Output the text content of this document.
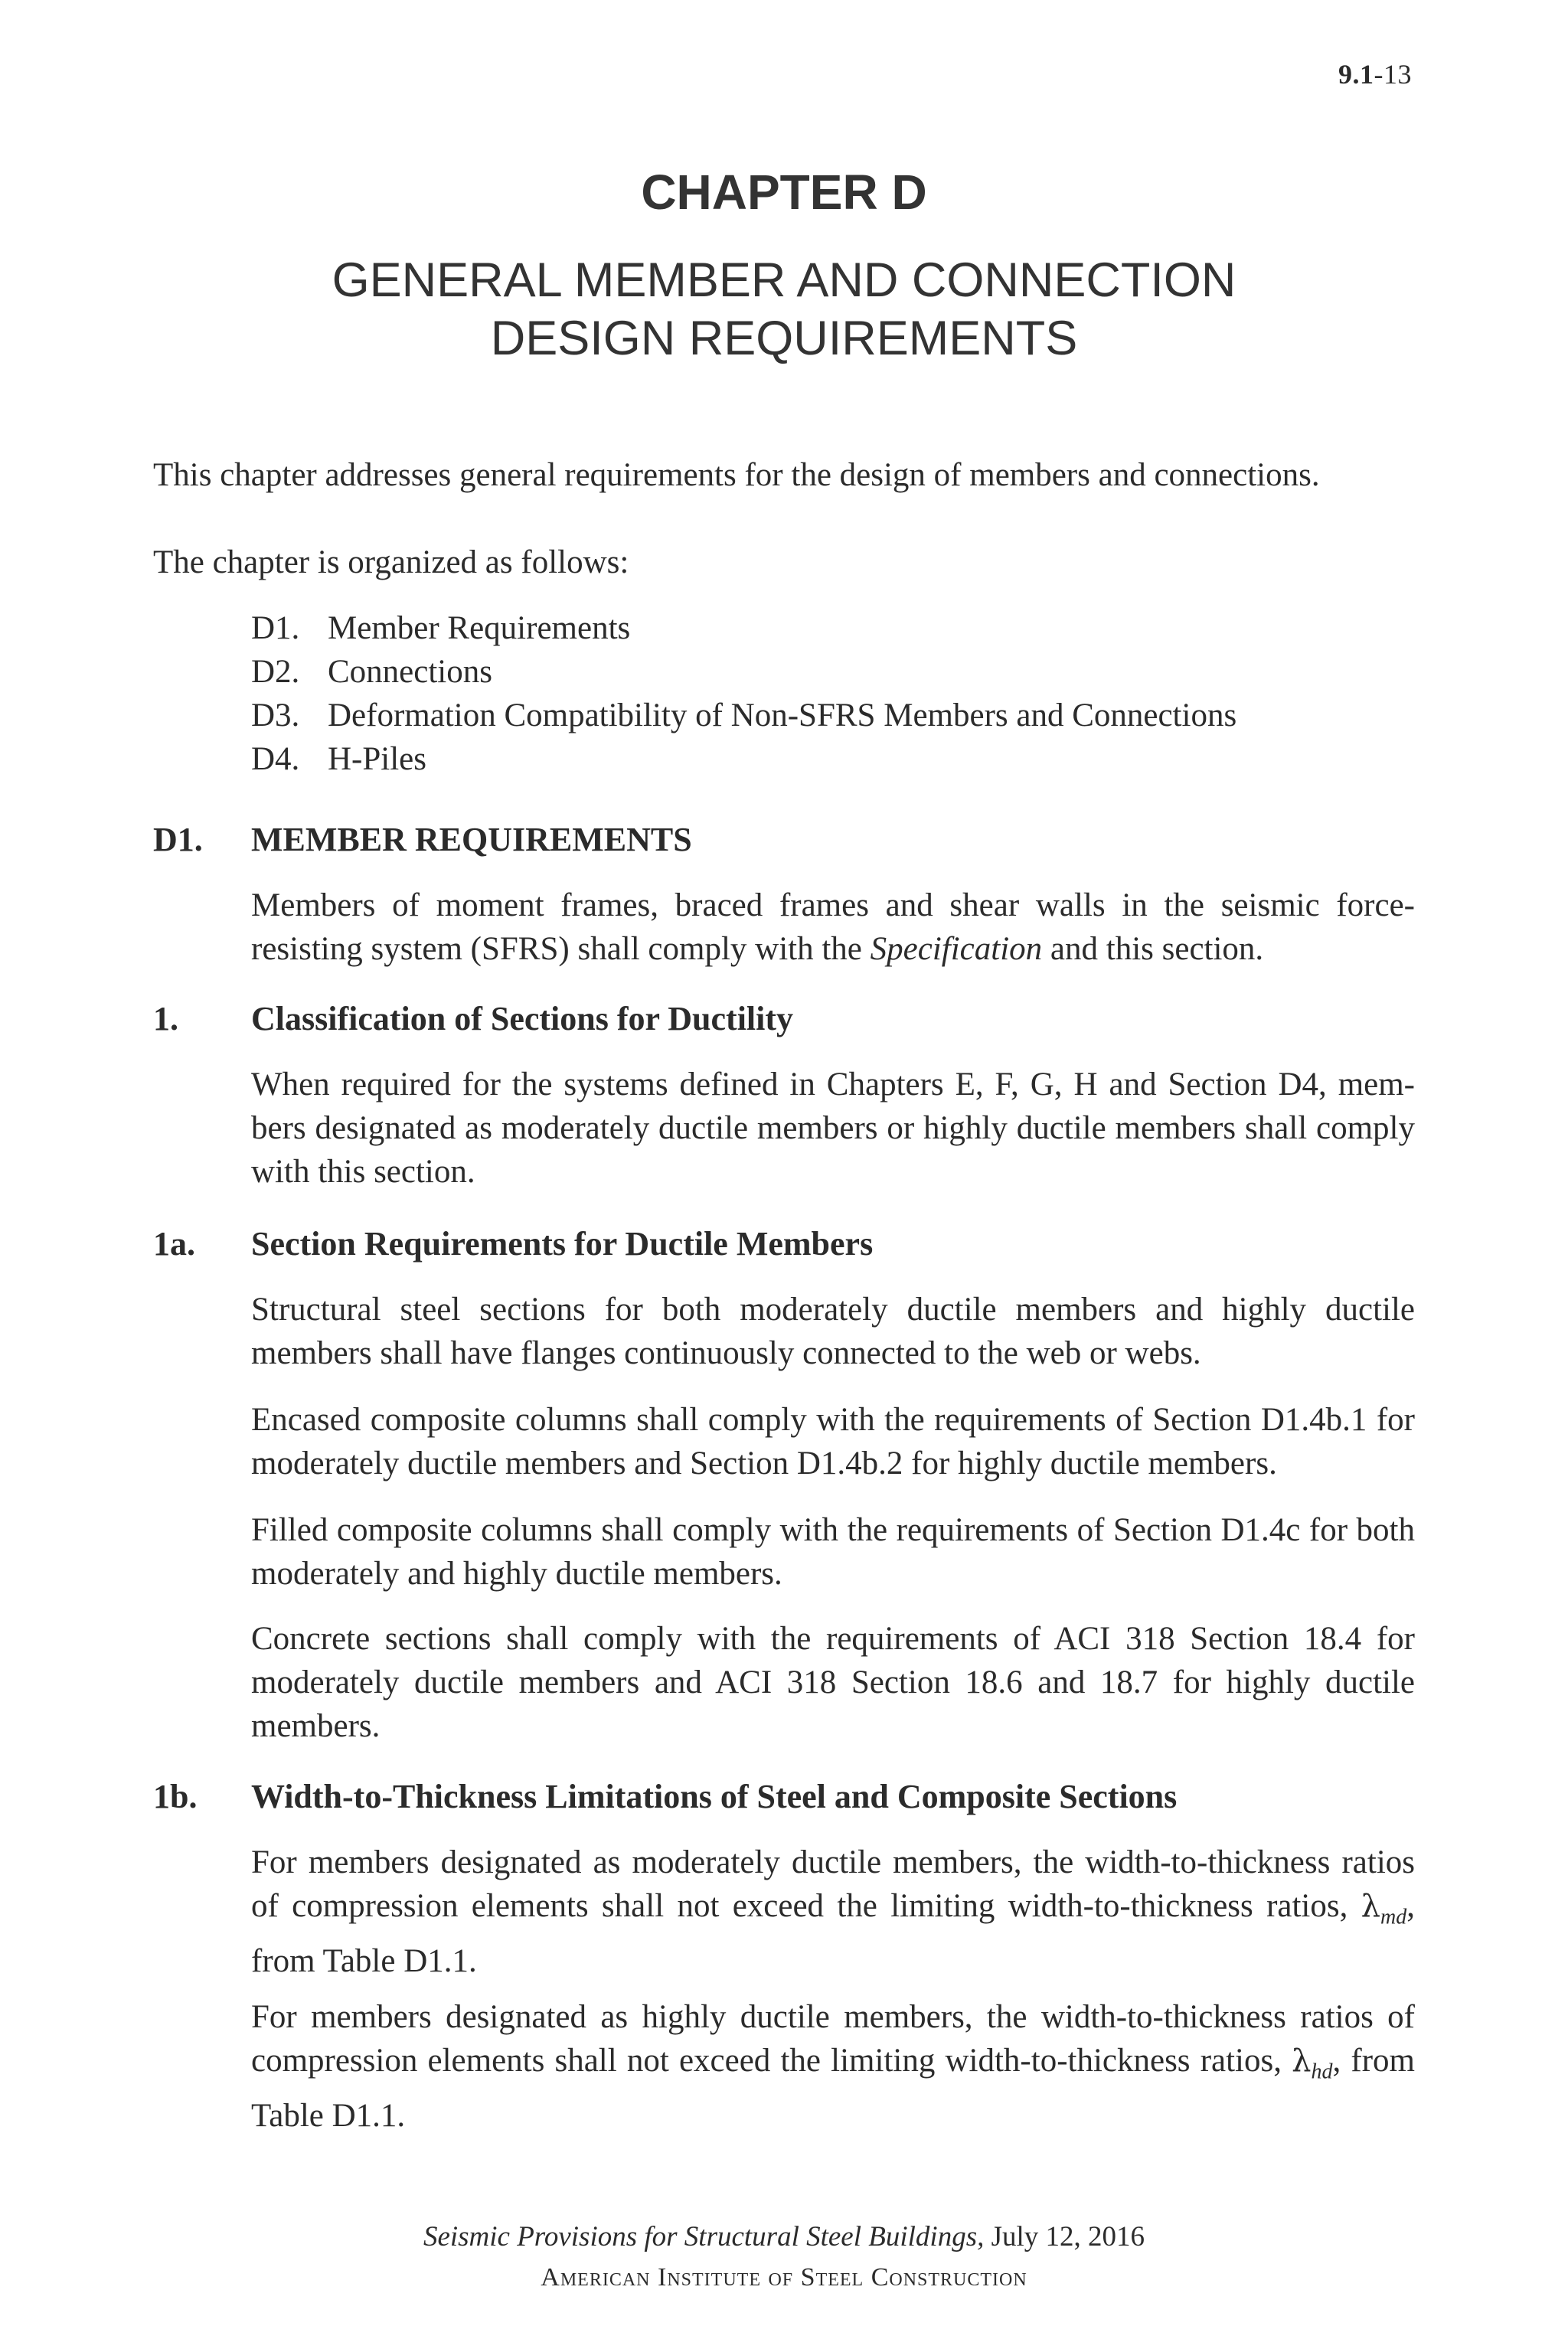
9.1-13
CHAPTER D
GENERAL MEMBER AND CONNECTION
DESIGN REQUIREMENTS
This chapter addresses general requirements for the design of members and connections.
The chapter is organized as follows:
D1. Member Requirements
D2. Connections
D3. Deformation Compatibility of Non-SFRS Members and Connections
D4. H-Piles
D1. MEMBER REQUIREMENTS
Members of moment frames, braced frames and shear walls in the seismic force-resisting system (SFRS) shall comply with the Specification and this section.
1. Classification of Sections for Ductility
When required for the systems defined in Chapters E, F, G, H and Section D4, mem-bers designated as moderately ductile members or highly ductile members shall comply with this section.
1a. Section Requirements for Ductile Members
Structural steel sections for both moderately ductile members and highly ductile members shall have flanges continuously connected to the web or webs.
Encased composite columns shall comply with the requirements of Section D1.4b.1 for moderately ductile members and Section D1.4b.2 for highly ductile members.
Filled composite columns shall comply with the requirements of Section D1.4c for both moderately and highly ductile members.
Concrete sections shall comply with the requirements of ACI 318 Section 18.4 for moderately ductile members and ACI 318 Section 18.6 and 18.7 for highly ductile members.
1b. Width-to-Thickness Limitations of Steel and Composite Sections
For members designated as moderately ductile members, the width-to-thickness ratios of compression elements shall not exceed the limiting width-to-thickness ratios, $\lambda_{md}$, from Table D1.1.
For members designated as highly ductile members, the width-to-thickness ratios of compression elements shall not exceed the limiting width-to-thickness ratios, $\lambda_{hd}$, from Table D1.1.
Seismic Provisions for Structural Steel Buildings, July 12, 2016
American Institute of Steel Construction
